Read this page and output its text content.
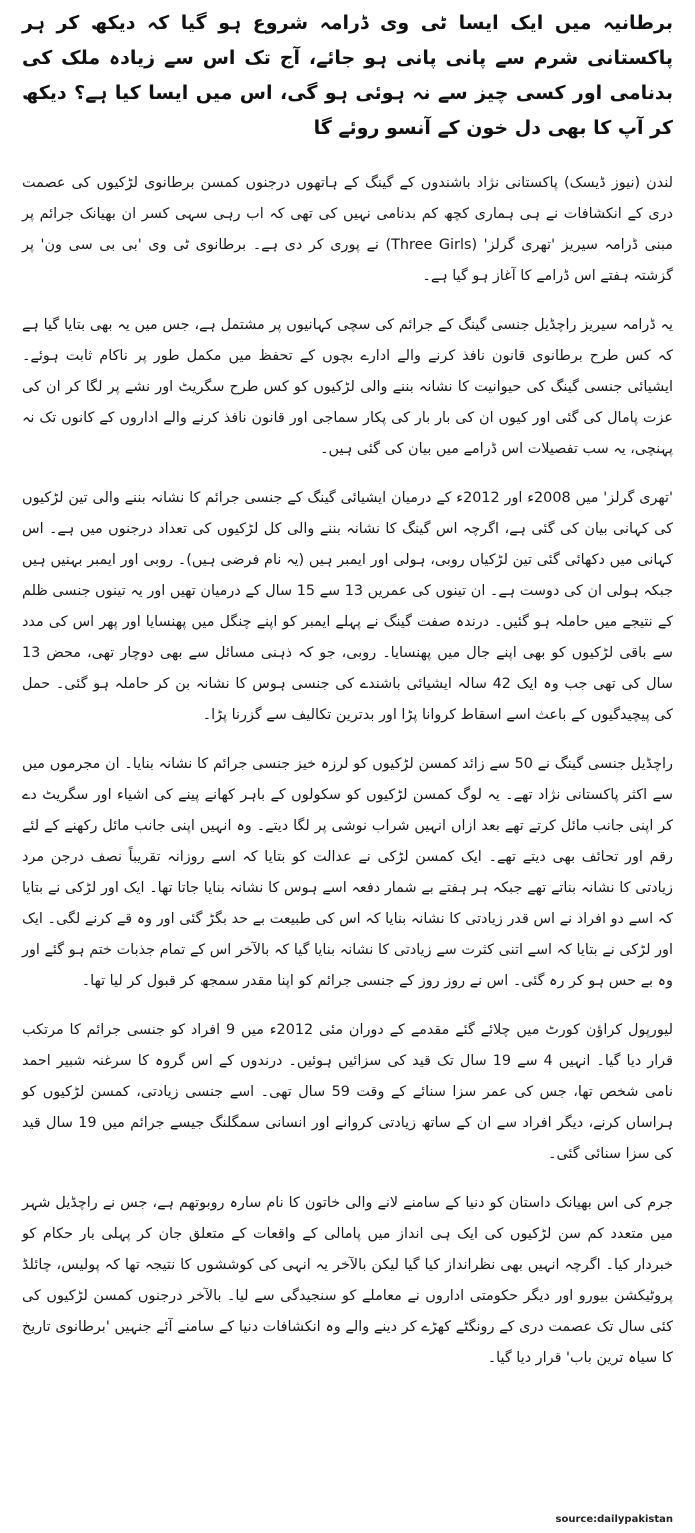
برطانیہ میں ایک ایسا ٹی وی ڈرامہ شروع ہو گیا کہ دیکھ کر ہر پاکستانی شرم سے پانی پانی ہو جائے، آج تک اس سے زیادہ ملک کی بدنامی اور کسی چیز سے نہ ہوئی ہو گی، اس میں ایسا کیا ہے؟ دیکھ کر آپ کا بھی دل خون کے آنسو روئے گا

لندن (نیوز ڈیسک) پاکستانی نژاد باشندوں کے گینگ کے ہاتھوں درجنوں کمسن برطانوی لڑکیوں کی عصمت دری کے انکشافات نے ہی ہماری کچھ کم بدنامی نہیں کی تھی کہ اب رہی سہی کسر ان بھیانک جرائم پر مبنی ڈرامہ سیریز 'تھری گرلز' (Three Girls) نے پوری کر دی ہے۔ برطانوی ٹی وی 'بی بی سی ون' پر گزشتہ ہفتے اس ڈرامے کا آغاز ہو گیا ہے۔

یہ ڈرامہ سیریز راچڈیل جنسی گینگ کے جرائم کی سچی کہانیوں پر مشتمل ہے، جس میں یہ بھی بتایا گیا ہے کہ کس طرح برطانوی قانون نافذ کرنے والے ادارے بچوں کے تحفظ میں مکمل طور پر ناکام ثابت ہوئے۔ ایشیائی جنسی گینگ کی حیوانیت کا نشانہ بننے والی لڑکیوں کو کس طرح سگریٹ اور نشے پر لگا کر ان کی عزت پامال کی گئی اور کیوں ان کی بار بار کی پکار سماجی اور قانون نافذ کرنے والے اداروں کے کانوں تک نہ پہنچی، یہ سب تفصیلات اس ڈرامے میں بیان کی گئی ہیں۔

'تھری گرلز' میں 2008ء اور 2012ء کے درمیان ایشیائی گینگ کے جنسی جرائم کا نشانہ بننے والی تین لڑکیوں کی کہانی بیان کی گئی ہے، اگرچہ اس گینگ کا نشانہ بننے والی کل لڑکیوں کی تعداد درجنوں میں ہے۔ اس کہانی میں دکھائی گئی تین لڑکیاں روبی، ہولی اور ایمبر ہیں (یہ نام فرضی ہیں)۔ روبی اور ایمبر بہنیں ہیں جبکہ ہولی ان کی دوست ہے۔ ان تینوں کی عمریں 13 سے 15 سال کے درمیان تھیں اور یہ تینوں جنسی ظلم کے نتیجے میں حاملہ ہو گئیں۔ درندہ صفت گینگ نے پہلے ایمبر کو اپنے چنگل میں پھنسایا اور پھر اس کی مدد سے باقی لڑکیوں کو بھی اپنے جال میں پھنسایا۔ روبی، جو کہ ذہنی مسائل سے بھی دوچار تھی، محض 13 سال کی تھی جب وہ ایک 42 سالہ ایشیائی باشندے کی جنسی ہوس کا نشانہ بن کر حاملہ ہو گئی۔ حمل کی پیچیدگیوں کے باعث اسے اسقاط کروانا پڑا اور بدترین تکالیف سے گزرنا پڑا۔

راچڈیل جنسی گینگ نے 50 سے زائد کمسن لڑکیوں کو لرزہ خیز جنسی جرائم کا نشانہ بنایا۔ ان مجرموں میں سے اکثر پاکستانی نژاد تھے۔ یہ لوگ کمسن لڑکیوں کو سکولوں کے باہر کھانے پینے کی اشیاء اور سگریٹ دے کر اپنی جانب مائل کرتے تھے بعد ازاں انہیں شراب نوشی پر لگا دیتے۔ وہ انہیں اپنی جانب مائل رکھنے کے لئے رقم اور تحائف بھی دیتے تھے۔ ایک کمسن لڑکی نے عدالت کو بتایا کہ اسے روزانہ تقریباً نصف درجن مرد زیادتی کا نشانہ بناتے تھے جبکہ ہر ہفتے بے شمار دفعہ اسے ہوس کا نشانہ بنایا جاتا تھا۔ ایک اور لڑکی نے بتایا کہ اسے دو افراد نے اس قدر زیادتی کا نشانہ بنایا کہ اس کی طبیعت بے حد بگڑ گئی اور وہ قے کرنے لگی۔ ایک اور لڑکی نے بتایا کہ اسے اتنی کثرت سے زیادتی کا نشانہ بنایا گیا کہ بالآخر اس کے تمام جذبات ختم ہو گئے اور وہ بے حس ہو کر رہ گئی۔ اس نے روز روز کے جنسی جرائم کو اپنا مقدر سمجھ کر قبول کر لیا تھا۔

لیورپول کراؤن کورٹ میں چلائے گئے مقدمے کے دوران مئی 2012ء میں 9 افراد کو جنسی جرائم کا مرتکب قرار دیا گیا۔ انہیں 4 سے 19 سال تک قید کی سزائیں ہوئیں۔ درندوں کے اس گروہ کا سرغنہ شبیر احمد نامی شخص تھا، جس کی عمر سزا سنائے کے وقت 59 سال تھی۔ اسے جنسی زیادتی، کمسن لڑکیوں کو ہراساں کرنے، دیگر افراد سے ان کے ساتھ زیادتی کروانے اور انسانی سمگلنگ جیسے جرائم میں 19 سال قید کی سزا سنائی گئی۔

جرم کی اس بھیانک داستان کو دنیا کے سامنے لانے والی خاتون کا نام سارہ روبوتھم ہے، جس نے راچڈیل شہر میں متعدد کم سن لڑکیوں کی ایک ہی انداز میں پامالی کے واقعات کے متعلق جان کر پہلی بار حکام کو خبردار کیا۔ اگرچہ انہیں بھی نظرانداز کیا گیا لیکن بالآخر یہ انہی کی کوششوں کا نتیجہ تھا کہ پولیس، چائلڈ پروٹیکشن بیورو اور دیگر حکومتی اداروں نے معاملے کو سنجیدگی سے لیا۔ بالآخر درجنوں کمسن لڑکیوں کی کئی سال تک عصمت دری کے رونگٹے کھڑے کر دینے والے وہ انکشافات دنیا کے سامنے آئے جنہیں 'برطانوی تاریخ کا سیاہ ترین باب' قرار دیا گیا۔

source:dailypakistan
